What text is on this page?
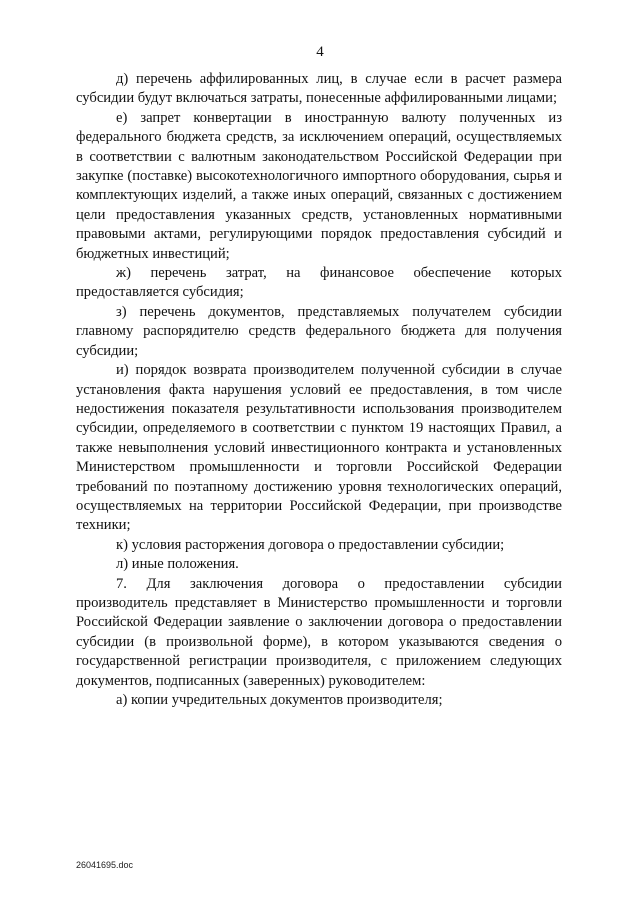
4

д) перечень аффилированных лиц, в случае если в расчет размера субсидии будут включаться затраты, понесенные аффилированными лицами;

е) запрет конвертации в иностранную валюту полученных из федерального бюджета средств, за исключением операций, осуществляемых в соответствии с валютным законодательством Российской Федерации при закупке (поставке) высокотехнологичного импортного оборудования, сырья и комплектующих изделий, а также иных операций, связанных с достижением цели предоставления указанных средств, установленных нормативными правовыми актами, регулирующими порядок предоставления субсидий и бюджетных инвестиций;

ж) перечень затрат, на финансовое обеспечение которых предоставляется субсидия;

з) перечень документов, представляемых получателем субсидии главному распорядителю средств федерального бюджета для получения субсидии;

и) порядок возврата производителем полученной субсидии в случае установления факта нарушения условий ее предоставления, в том числе недостижения показателя результативности использования производителем субсидии, определяемого в соответствии с пунктом 19 настоящих Правил, а также невыполнения условий инвестиционного контракта и установленных Министерством промышленности и торговли Российской Федерации требований по поэтапному достижению уровня технологических операций, осуществляемых на территории Российской Федерации, при производстве техники;

к) условия расторжения договора о предоставлении субсидии;

л) иные положения.

7. Для заключения договора о предоставлении субсидии производитель представляет в Министерство промышленности и торговли Российской Федерации заявление о заключении договора о предоставлении субсидии (в произвольной форме), в котором указываются сведения о государственной регистрации производителя, с приложением следующих документов, подписанных (заверенных) руководителем:

а) копии учредительных документов производителя;

26041695.doc
